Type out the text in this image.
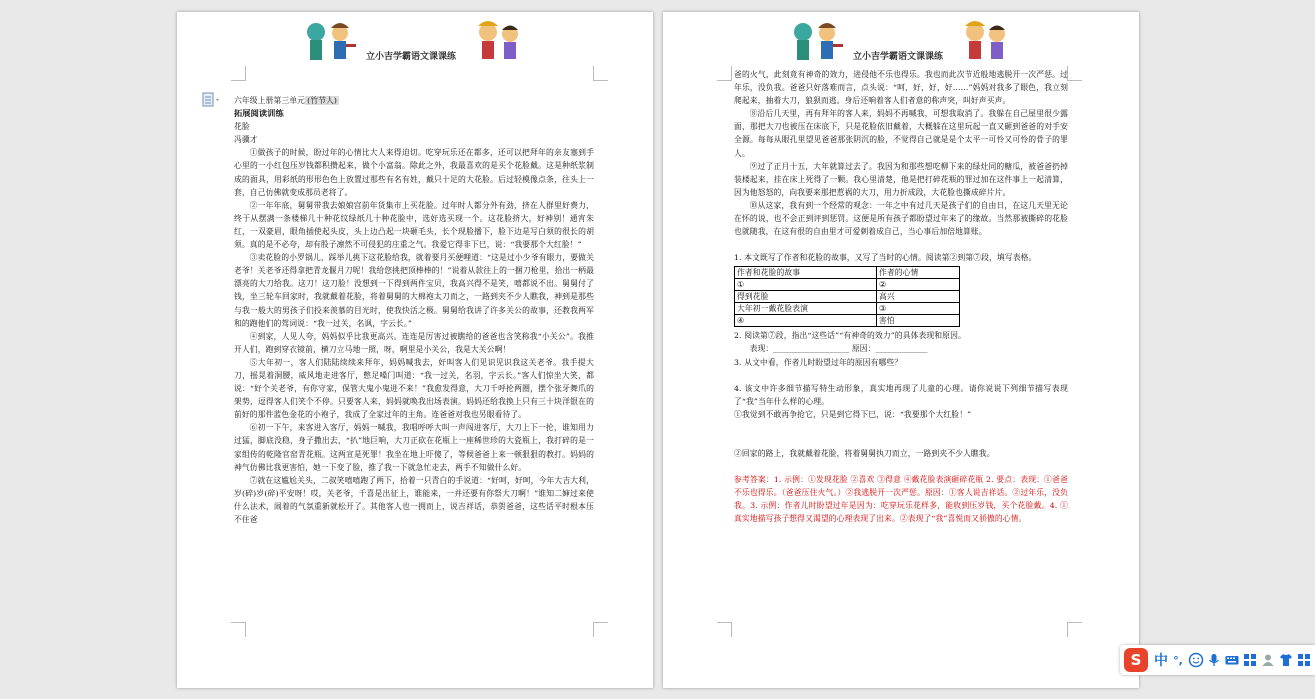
立小吉学霸语文课课练

六年级上册第三单元 (竹节人)

拓展阅读训练

花脸

冯骥才

①做孩子的时候，盼过年的心情比大人来得迫切。吃穿玩乐还在都多，还可以把拜年的亲友塞到手心里的一小红包压岁钱都积攒起来，做个小富翁。除此之外，我最喜欢的是买个花脸戴。这是种纸浆制成的面具，用彩纸的形形色色上放置过那些有名有姓，戴只十足的大花脸。后过轻模像点条，往头上一套，自己仿佛就变成那员老将了。

②一年年底，舅舅带我去娘娘宫前年货集市上买花脸。过年时人都分外有劲，挤在人群里好费力，终于从摆满一条楼梯几十种花纹绿纸几十种花脸中，选好选买现一个。这花脸挤大，好神别！通宵朱红，一双豪眉，眼角插使起头皮，头上边凸起一块砸毛头，长个现脸播下，脸下边是写白须的很长的胡须。真的是不必夸，却有股子凛然不可侵犯的庄重之气。我爱它得非下巳，说：“我要那个大红脸！”

③卖花脸的小罗锅儿，踩举儿挑下这花脸给我，就着要月买便哩道：“这是过小少爷有眼力，要做关老爷！关老爷还得拿把青龙偃月刀呢！我给您挑把顶棒棒的！”说着从款往上的一捆刀枪里，拾出一柄最漂亮的大刀给我。这刀！这刀脸！没想到一下得到两件宝贝，我高兴得不是笑，嘻都说不出。舅舅付了钱，坐三轮车回家时，我就戴着花脸，将着舅舅的大棉袍太刀而之，一路到夹不少人瞧我，神到是那些与我一般大的男孩子们投来羡慕的目光时，使我快活之极。舅舅给我讲了许多关公的故事，还教我两军和的跑他们的驾词说：“我一过关，名讽，字云长。”

④到家，人见人夸，妈妈似乎比我更高兴。连连是厉害过被瞧给的爸爸也含笑称我“小关公”。我推开人们，跑到穿衣镜前，横刀立马地一照，呀，啊里是小关公，我是大关公啊！

⑤大年初一，客人们陆陆续续来拜年，妈妈喊我去，好叫客人们见识见识我这关老爷。我手提大刀，摇晃着洞腰，威风地走进客厅，憋足嗓门叫道：“我一过关，名羽，字云长。”客人们惊坐大笑，都说：“好个关老爷，有你守家，保管大鬼小鬼进不来！”我愈发得意，大刀千呼抡两圈，摆个张牙舞爪的架势，逗得客人们笑个不停。只要客人来，妈妈就唤我出场表演。妈妈还给我换上只有三十块洋银在的前好的那件蓝色金花的小袍子，我成了全家过年的主角。连爸爸对我也另眼看待了。

⑥初一下午，来客进入客厅，妈妈一喊我，我唱呼呼大叫一声闯进客厅，大刀上下一抡，谁知用力过猛，脚底没稳，身子撒出去，“扒”地巨响，大刀正砍在花瓶上一座稀世珍的大瓷瓶上，我打碎的是一家组传的乾隆官窑青花瓶。这两宣是死罪！我坐在地上吓傻了，等候爸爸上来一顿狠狠的教打。妈妈的神气仿佛比我更害怕，她一下变了脸，推了我一下就急忙走去，两手不知做什么好。

⑦就在这尴尬关头，二叔笑嘻嘻跑了两下，拾着一只青白的手说道：“好呵，好呵，今年大吉大利，岁(碎)岁(碎)平安呀！哎，关老爷，千喜是出征上，谁能来，一并还要有你祭大刀啊！”谁知二婶过来使什么法术，闹着的气氛重新就松开了。其他客人也一拥而上，说吉祥话，恭贺爸爸，这些话平时根本压不住爸

立小吉学霸语文课课练

爸的火气，此刻竟有神奇的效力，进侵他不乐也得乐。我也而此次节近般地逃脱开一次严惩。过年乐，没负我。爸爸只好落难而言，点头说：“呵，好，好，好……”妈妈对我多了眼色，我立刻爬起来，抽着大刀，狼狈而逃。身后还响着客人们者意的称声突，叫好声买声。

⑧沿后几天里，再有拜年的客人来，妈妈不再喊我，可想我取消了。我躲在自己屋里很少露面，那把大刀也被压在床底下，只是花脸依旧戴着，大概躲在这里玩起一直又砸到爸爸的对手安全源。每每从眼孔里望见爸爸那张阴沉的脸，不觉得自己就是是个太平一可怜又可怜的骨子的罪人。

⑨过了正月十五，大年就算过去了。我因为和那些想吃柳下来的绿灶同的糖瓜，被爸爸扔掉装楼起来，挂在床上死得了一颗。我心里清楚，他是把打碎花瓶的罪过加在这件事上一起清算，因为他怒怒的，向我要来那把惹祸的大刀，用力折成段，大花脸也撕成碎片片。

⑩从这家，我有到一个经常的观念：一年之中有过几天是孩子们的自由日，在这几天里无论在怀的说，也不会正到评到惩罚。这便是所有孩子都盼望过年来了的缘故。当然那被撕碎的花脸也就随我，在这有很的自由里才可爱刺着成自己，当心事后加倍地算账。

1. 本文既写了作者和花脸的故事，又写了当时的心情。阅读第②到第⑦段，填写表格。

作者和花脸的故事	作者的心情
①	②
得到花脸	高兴
大年初一戴花脸表演	③
④	害怕

2. 阅读第⑦段，指出“这些话”“有神奇的效力”的具体表现和原因。

表现：___________________ 原因：_____________

3. 从文中看，作者儿时盼望过年的原因有哪些？

4. 该文中许多细节描写特生动形象，真实地再现了儿童的心理。请你说说下列细节描写表现了“我”当年什么样的心理。

①我觉到不敢再争抢它，只是到它得下巳，说：“我要那个大红脸！”

②回家的路上，我就戴着花脸，将着舅舅执刀而立，一路到夹不少人瞧我。

参考答案：1. 示例：①发现花脸 ②喜欢 ③得意 ④戴花脸表演砸碎花瓶 2. 要点：表现：①爸爸不乐也得乐。（爸爸压住火气。）②我逃脱开一次严惩。原因：①客人说吉祥话。②过年乐，没负我。3. 示例：作者儿时盼望过年是因为：吃穿玩乐花样多，能收到压岁钱，买个花脸戴。4. ①真实地描写孩子想得又渴望的心理表现了出来。②表现了“我”喜悦而又骄傲的心情。

S 中 °,
